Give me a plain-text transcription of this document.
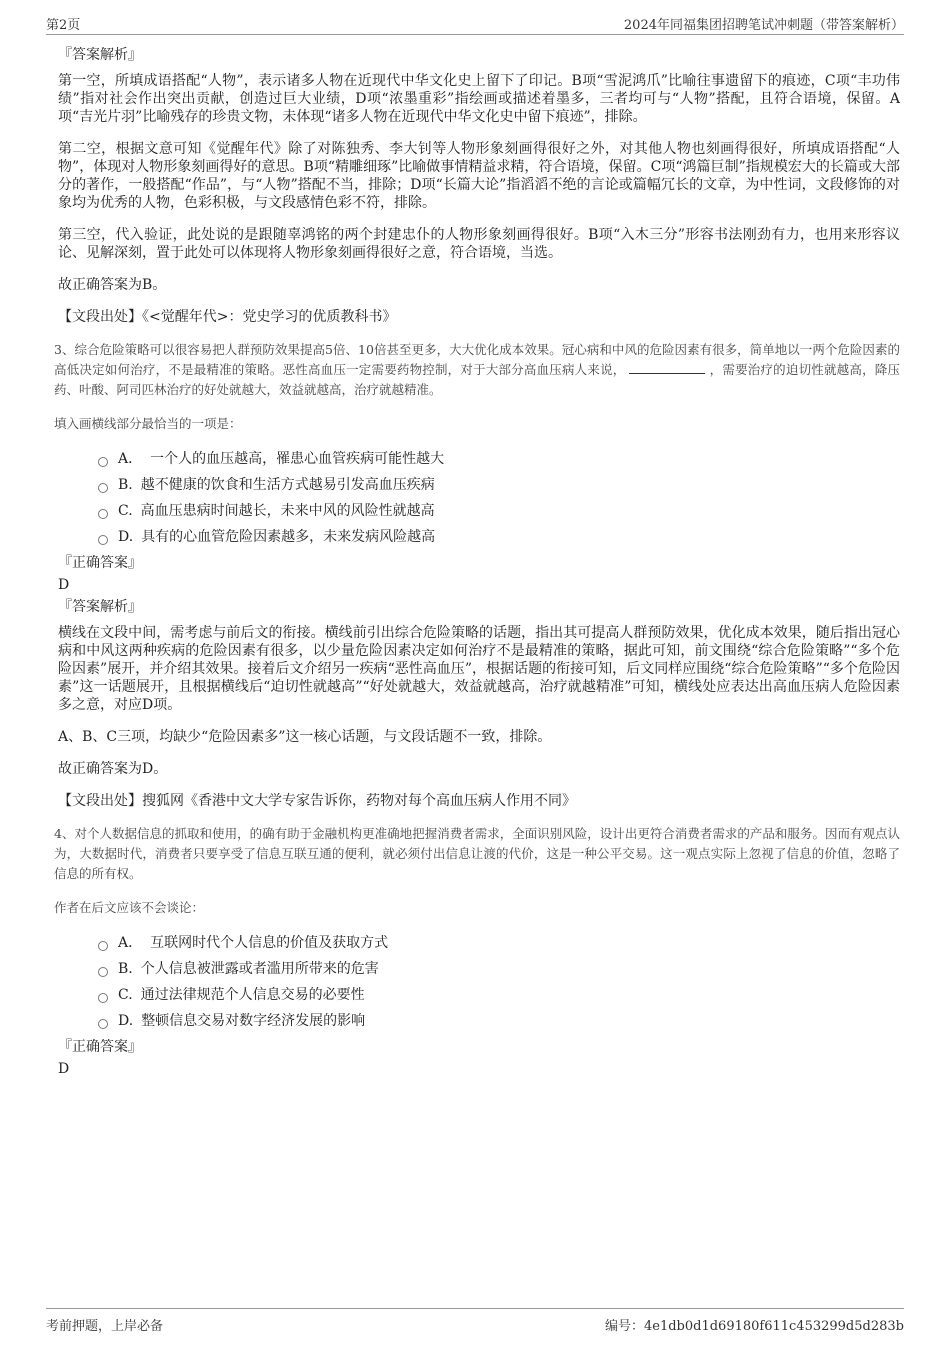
第2页	2024年同福集团招聘笔试冲刺题（带答案解析）
『答案解析』

第一空，所填成语搭配“人物”，表示诸多人物在近现代中华文化史上留下了印记。B项“雪泥鸿爪”比喻往事遗留下的痕迹，C项“丰功伟绩”指对社会作出突出贡献，创造过巨大业绩，D项“浓墨重彩”指绘画或描述着墨多，三者均可与“人物”搭配，且符合语境，保留。A项“吉光片羽”比喻残存的珍贵文物，未体现“诸多人物在近现代中华文化史中留下痕迹”，排除。

第二空，根据文意可知《觉醒年代》除了对陈独秀、李大钊等人物形象刻画得很好之外，对其他人物也刻画得很好，所填成语搭配“人物”，体现对人物形象刻画得好的意思。B项“精雕细琢”比喻做事情精益求精，符合语境，保留。C项“鸿篇巨制”指规模宏大的长篇或大部分的著作，一般搭配“作品”，与“人物”搭配不当，排除；D项“长篇大论”指滔滔不绝的言论或篇幅冗长的文章，为中性词，文段修饰的对象均为优秀的人物，色彩积极，与文段感情色彩不符，排除。

第三空，代入验证，此处说的是跟随辜鸿铭的两个封建忠仆的人物形象刻画得很好。B项“入木三分”形容书法刚劲有力，也用来形容议论、见解深刻，置于此处可以体现将人物形象刻画得很好之意，符合语境，当选。

故正确答案为B。

【文段出处】《<觉醒年代>：党史学习的优质教科书》

3、综合危险策略可以很容易把人群预防效果提高5倍、10倍甚至更多，大大优化成本效果。冠心病和中风的危险因素有很多，简单地以一两个危险因素的高低决定如何治疗，不是最精准的策略。恶性高血压一定需要药物控制，对于大部分高血压病人来说，	，需要治疗的迫切性就越高，降压药、叶酸、阿司匹林治疗的好处就越大，效益就越高，治疗就越精准。

填入画横线部分最恰当的一项是：
A． 一个人的血压越高，罹患心血管疾病可能性越大
B. 越不健康的饮食和生活方式越易引发高血压疾病
C. 高血压患病时间越长，未来中风的风险性就越高
D. 具有的心血管危险因素越多，未来发病风险越高
『正确答案』
D
『答案解析』

横线在文段中间，需考虑与前后文的衔接。横线前引出综合危险策略的话题，指出其可提高人群预防效果，优化成本效果，随后指出冠心病和中风这两种疾病的危险因素有很多，以少量危险因素决定如何治疗不是最精准的策略，据此可知，前文围绕“综合危险策略”“多个危险因素”展开，并介绍其效果。接着后文介绍另一疾病“恶性高血压”，根据话题的衔接可知，后文同样应围绕“综合危险策略”“多个危险因素”这一话题展开，且根据横线后“迫切性就越高”“好处就越大，效益就越高，治疗就越精准”可知，横线处应表达出高血压病人危险因素多之意，对应D项。

A、B、C三项，均缺少“危险因素多”这一核心话题，与文段话题不一致，排除。

故正确答案为D。

【文段出处】搜狐网《香港中文大学专家告诉你，药物对每个高血压病人作用不同》

4、对个人数据信息的抓取和使用，的确有助于金融机构更准确地把握消费者需求，全面识别风险，设计出更符合消费者需求的产品和服务。因而有观点认为，大数据时代，消费者只要享受了信息互联互通的便利，就必须付出信息让渡的代价，这是一种公平交易。这一观点实际上忽视了信息的价值，忽略了信息的所有权。

作者在后文应该不会谈论：
A． 互联网时代个人信息的价值及获取方式
B. 个人信息被泄露或者滥用所带来的危害
C. 通过法律规范个人信息交易的必要性
D. 整顿信息交易对数字经济发展的影响
『正确答案』
D
考前押题，上岸必备	编号：4e1db0d1d69180f611c453299d5d283b
